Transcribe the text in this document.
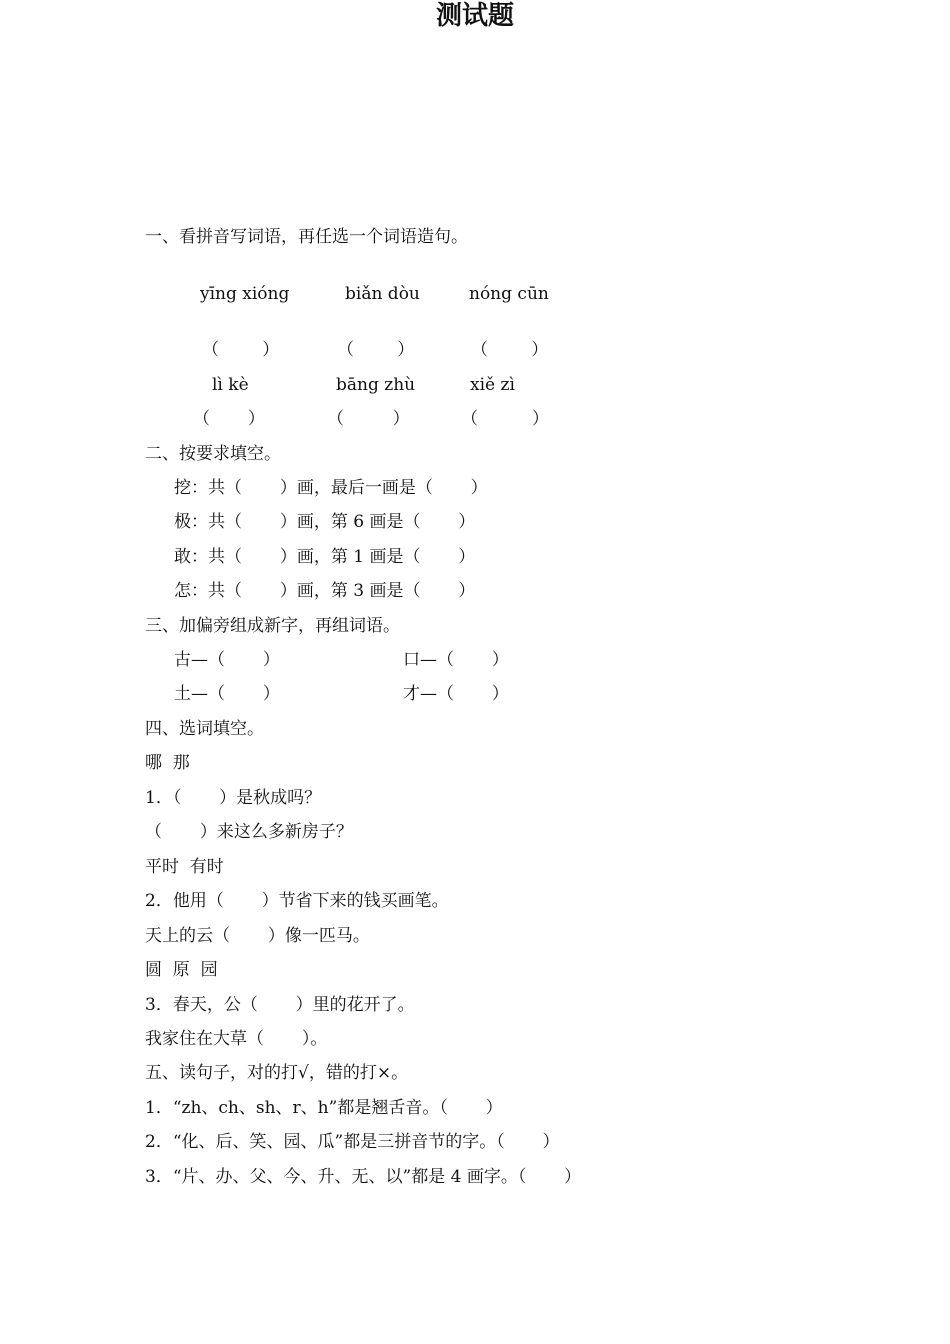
测试题
一、看拼音写词语，再任选一个词语造句。
yīng xióng	biǎn dòu	nóng cūn
（        ）	（        ）	（        ）
lì kè	bāng zhù	xiě zì
（       ）	（         ）	（          ）
二、按要求填空。
挖：共（       ）画，最后一画是（       ）
极：共（       ）画，第 6 画是（       ）
敢：共（       ）画，第 1 画是（       ）
怎：共（       ）画，第 3 画是（       ）
三、加偏旁组成新字，再组词语。
古—（       ）	口—（       ）
土—（       ）	才—（       ）
四、选词填空。
哪  那
1．（       ）是秋成吗？
（       ）来这么多新房子？
平时  有时
2．他用（       ）节省下来的钱买画笔。
天上的云（       ）像一匹马。
圆  原  园
3．春天，公（       ）里的花开了。
我家住在大草（       ）。
五、读句子，对的打√，错的打×。
1．“zh、ch、sh、r、h”都是翘舌音。（       ）
2．“化、后、笑、园、瓜”都是三拼音节的字。（       ）
3．“片、办、父、今、升、无、以”都是 4 画字。（       ）
